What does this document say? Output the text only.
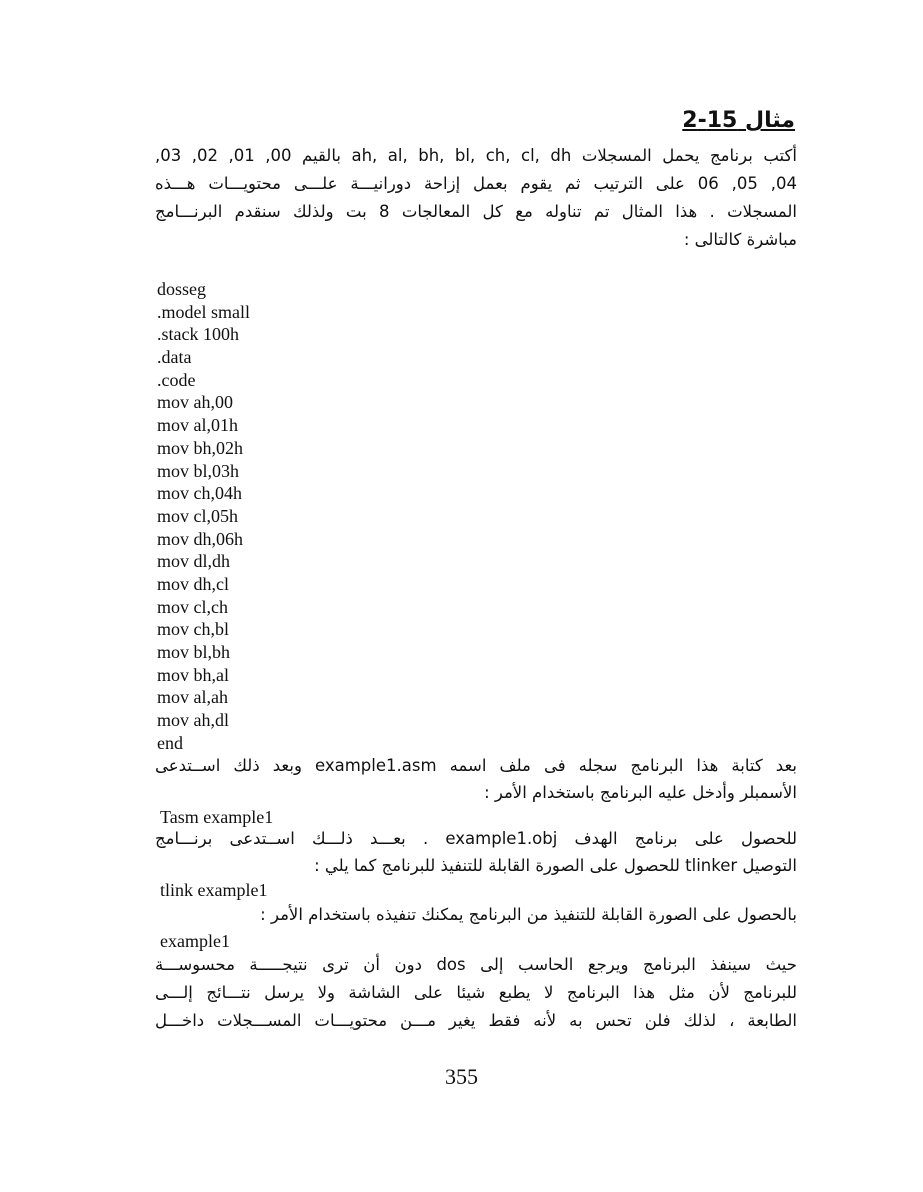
مثال 15-2
أكتب برنامج يحمل المسجلات ah, al, bh, bl, ch, cl, dh بالقيم 00, 01, 02, 03,
04, 05, 06 على الترتيب ثم يقوم بعمل إزاحة دورانيـــة علـــى محتويـــات هـــذه
المسجلات . هذا المثال تم تناوله مع كل المعالجات 8 بت ولذلك سنقدم البرنـــامج
مباشرة كالتالى :
dosseg
.model small
.stack 100h
.data
.code
mov ah,00
mov al,01h
mov bh,02h
mov bl,03h
mov ch,04h
mov cl,05h
mov dh,06h
mov dl,dh
mov dh,cl
mov cl,ch
mov ch,bl
mov bl,bh
mov bh,al
mov al,ah
mov ah,dl
end
بعد كتابة هذا البرنامج سجله فى ملف اسمه example1.asm وبعد ذلك اســتدعى
الأسمبلر وأدخل عليه البرنامج باستخدام الأمر :
Tasm example1
للحصول على برنامج الهدف example1.obj . بعـــد ذلـــك اســتدعى برنـــامج
التوصيل tlinker للحصول على الصورة القابلة للتنفيذ للبرنامج كما يلي :
tlink example1
بالحصول على الصورة القابلة للتنفيذ من البرنامج يمكنك تنفيذه باستخدام الأمر :
example1
حيث سينفذ البرنامج ويرجع الحاسب إلى dos دون أن ترى نتيجـــــة محسوســـة
للبرنامج لأن مثل هذا البرنامج لا يطبع شيئا على الشاشة ولا يرسل نتـــائج إلـــى
الطابعة ، لذلك فلن تحس به لأنه فقط يغير مـــن محتويـــات المســـجلات داخـــل
355
